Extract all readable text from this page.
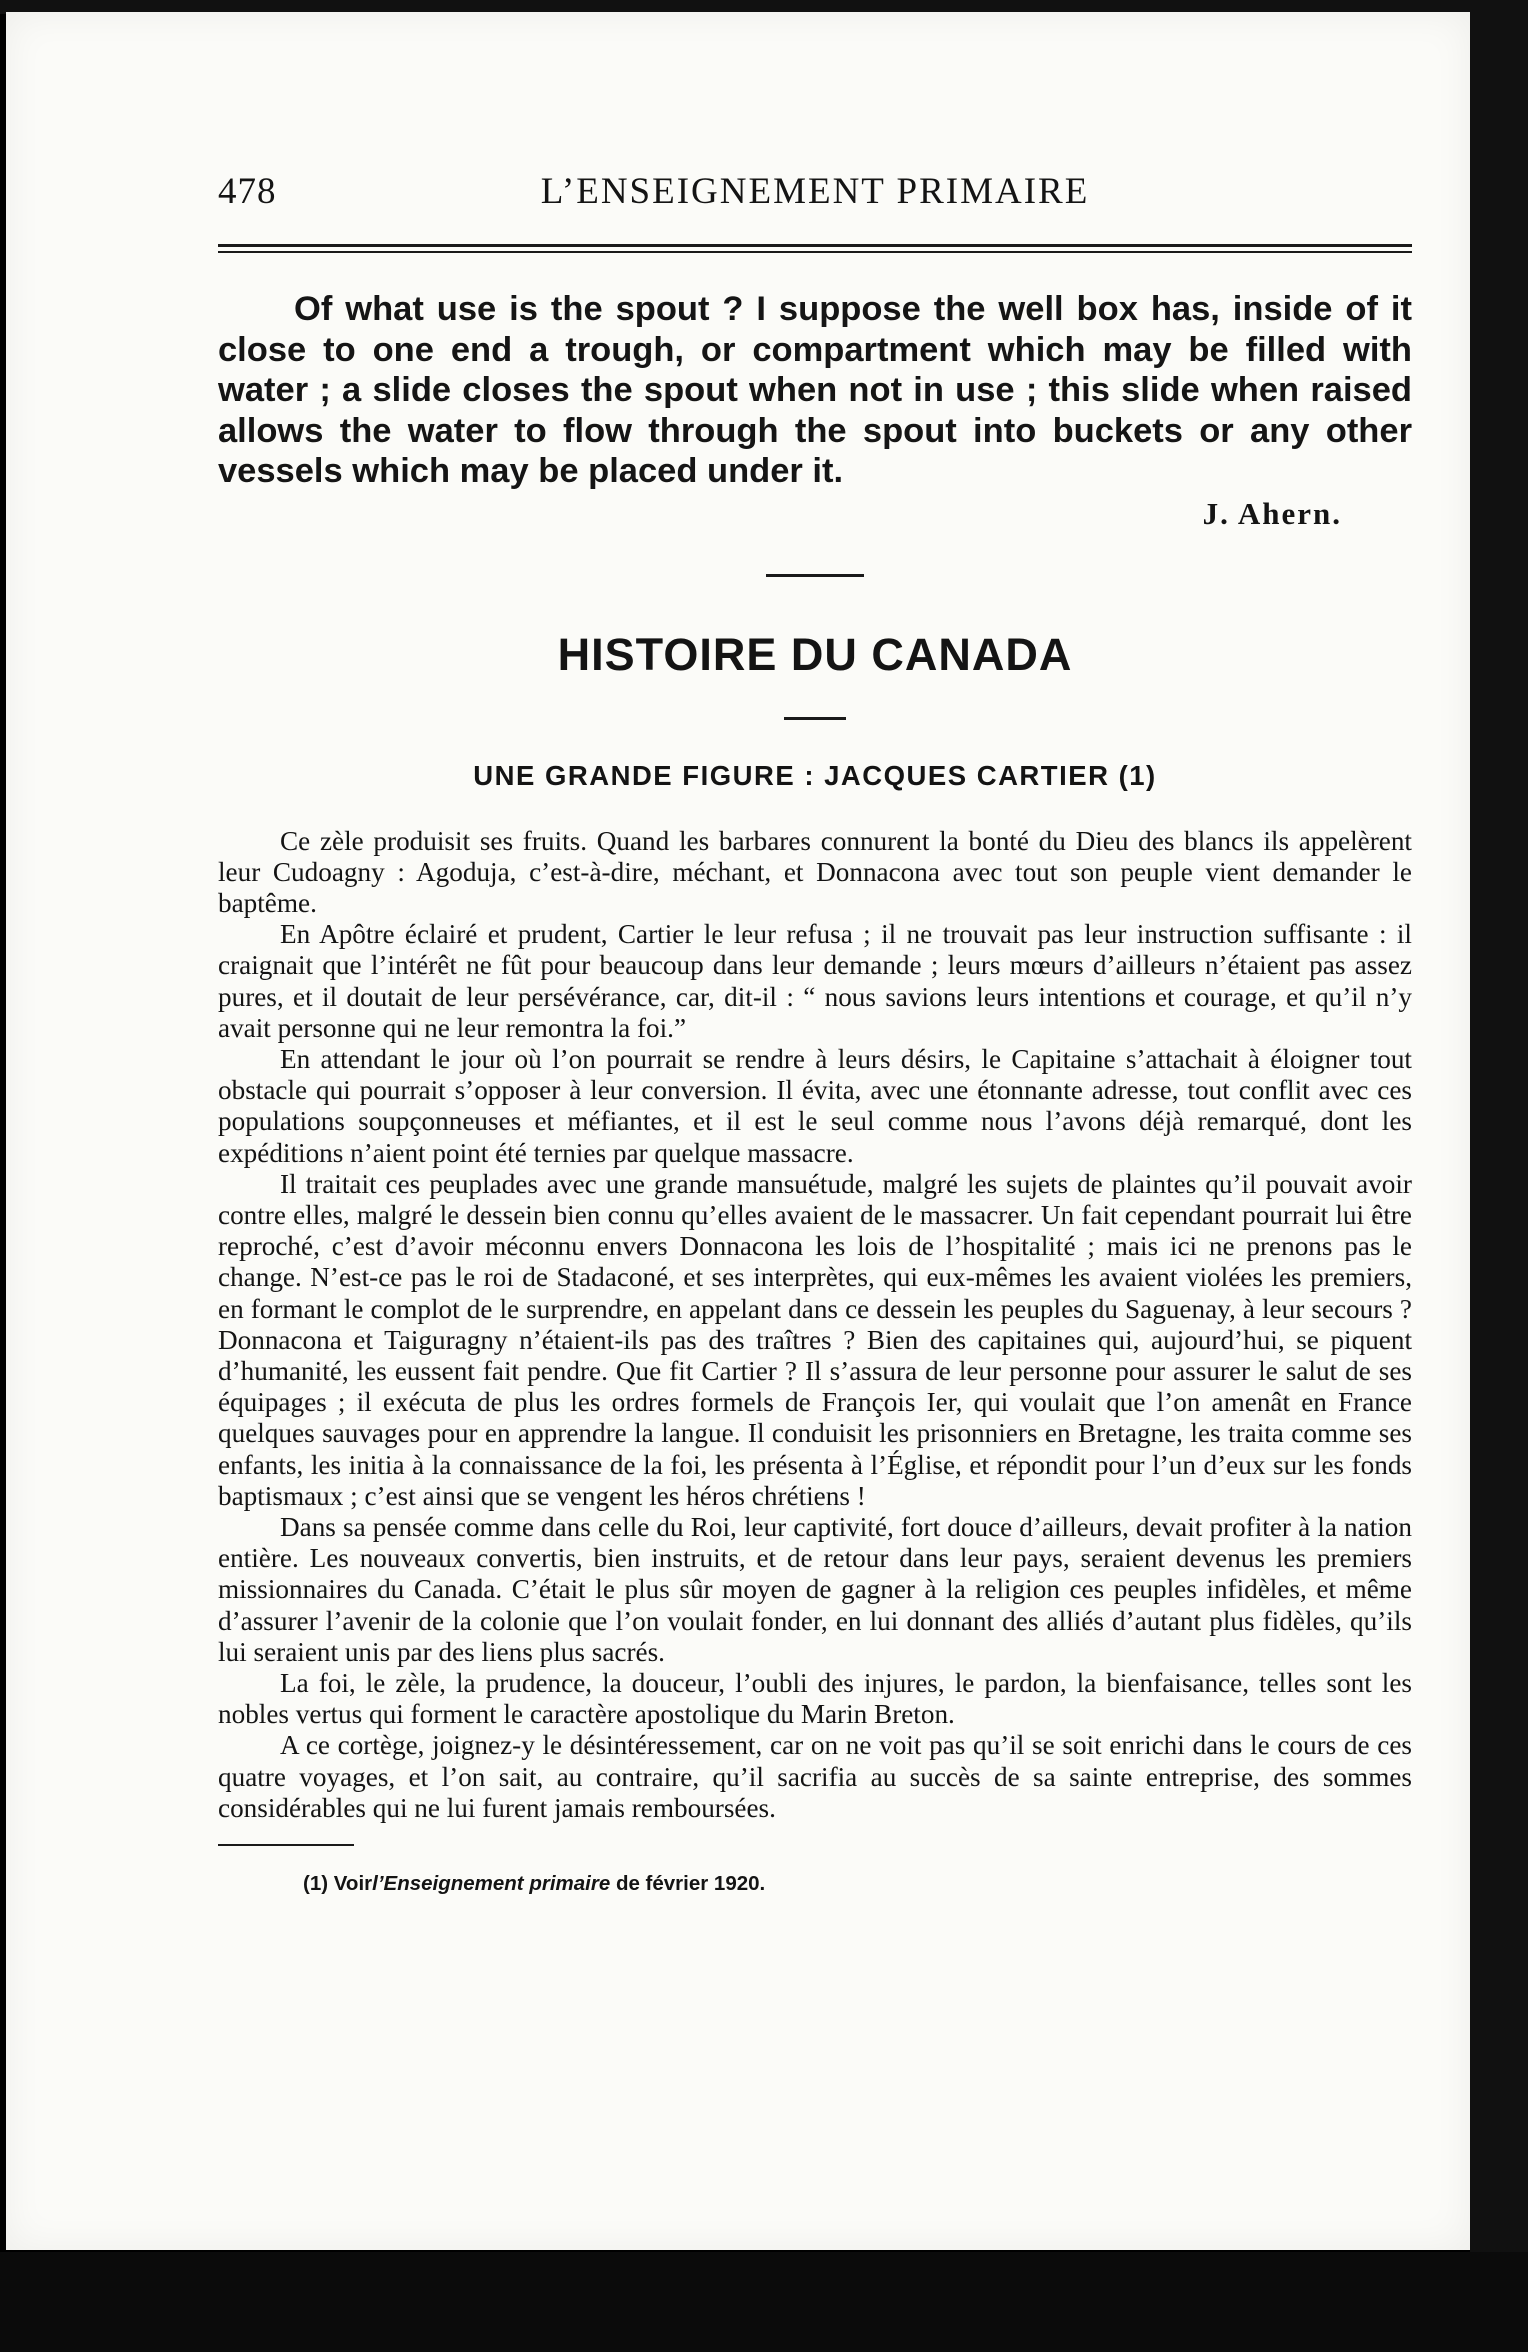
478	L’ENSEIGNEMENT PRIMAIRE
Of what use is the spout ? I suppose the well box has, inside of it close to one end a trough, or compartment which may be filled with water ; a slide closes the spout when not in use ; this slide when raised allows the water to flow through the spout into buckets or any other vessels which may be placed under it.
J. Ahern.
HISTOIRE DU CANADA
UNE GRANDE FIGURE : JACQUES CARTIER (1)

Ce zèle produisit ses fruits. Quand les barbares connurent la bonté du Dieu des blancs ils appelèrent leur Cudoagny : Agoduja, c’est-à-dire, méchant, et Donnacona avec tout son peuple vient demander le baptême.

En Apôtre éclairé et prudent, Cartier le leur refusa ; il ne trouvait pas leur instruction suffisante : il craignait que l’intérêt ne fût pour beaucoup dans leur demande ; leurs mœurs d’ailleurs n’étaient pas assez pures, et il doutait de leur persévérance, car, dit-il : “ nous savions leurs intentions et courage, et qu’il n’y avait personne qui ne leur remontra la foi.”

En attendant le jour où l’on pourrait se rendre à leurs désirs, le Capitaine s’attachait à éloigner tout obstacle qui pourrait s’opposer à leur conversion. Il évita, avec une étonnante adresse, tout conflit avec ces populations soupçonneuses et méfiantes, et il est le seul comme nous l’avons déjà remarqué, dont les expéditions n’aient point été ternies par quelque massacre.

Il traitait ces peuplades avec une grande mansuétude, malgré les sujets de plaintes qu’il pouvait avoir contre elles, malgré le dessein bien connu qu’elles avaient de le massacrer. Un fait cependant pourrait lui être reproché, c’est d’avoir méconnu envers Donnacona les lois de l’hospitalité ; mais ici ne prenons pas le change. N’est-ce pas le roi de Stadaconé, et ses interprètes, qui eux-mêmes les avaient violées les premiers, en formant le complot de le surprendre, en appelant dans ce dessein les peuples du Saguenay, à leur secours ? Donnacona et Taiguragny n’étaient-ils pas des traîtres ? Bien des capitaines qui, aujourd’hui, se piquent d’humanité, les eussent fait pendre. Que fit Cartier ? Il s’assura de leur personne pour assurer le salut de ses équipages ; il exécuta de plus les ordres formels de François Ier, qui voulait que l’on amenât en France quelques sauvages pour en apprendre la langue. Il conduisit les prisonniers en Bretagne, les traita comme ses enfants, les initia à la connaissance de la foi, les présenta à l’Église, et répondit pour l’un d’eux sur les fonds baptismaux ; c’est ainsi que se vengent les héros chrétiens !

Dans sa pensée comme dans celle du Roi, leur captivité, fort douce d’ailleurs, devait profiter à la nation entière. Les nouveaux convertis, bien instruits, et de retour dans leur pays, seraient devenus les premiers missionnaires du Canada. C’était le plus sûr moyen de gagner à la religion ces peuples infidèles, et même d’assurer l’avenir de la colonie que l’on voulait fonder, en lui donnant des alliés d’autant plus fidèles, qu’ils lui seraient unis par des liens plus sacrés.

La foi, le zèle, la prudence, la douceur, l’oubli des injures, le pardon, la bienfaisance, telles sont les nobles vertus qui forment le caractère apostolique du Marin Breton.

A ce cortège, joignez-y le désintéressement, car on ne voit pas qu’il se soit enrichi dans le cours de ces quatre voyages, et l’on sait, au contraire, qu’il sacrifia au succès de sa sainte entreprise, des sommes considérables qui ne lui furent jamais remboursées.

(1) Voirl’Enseignement primaire de février 1920.
